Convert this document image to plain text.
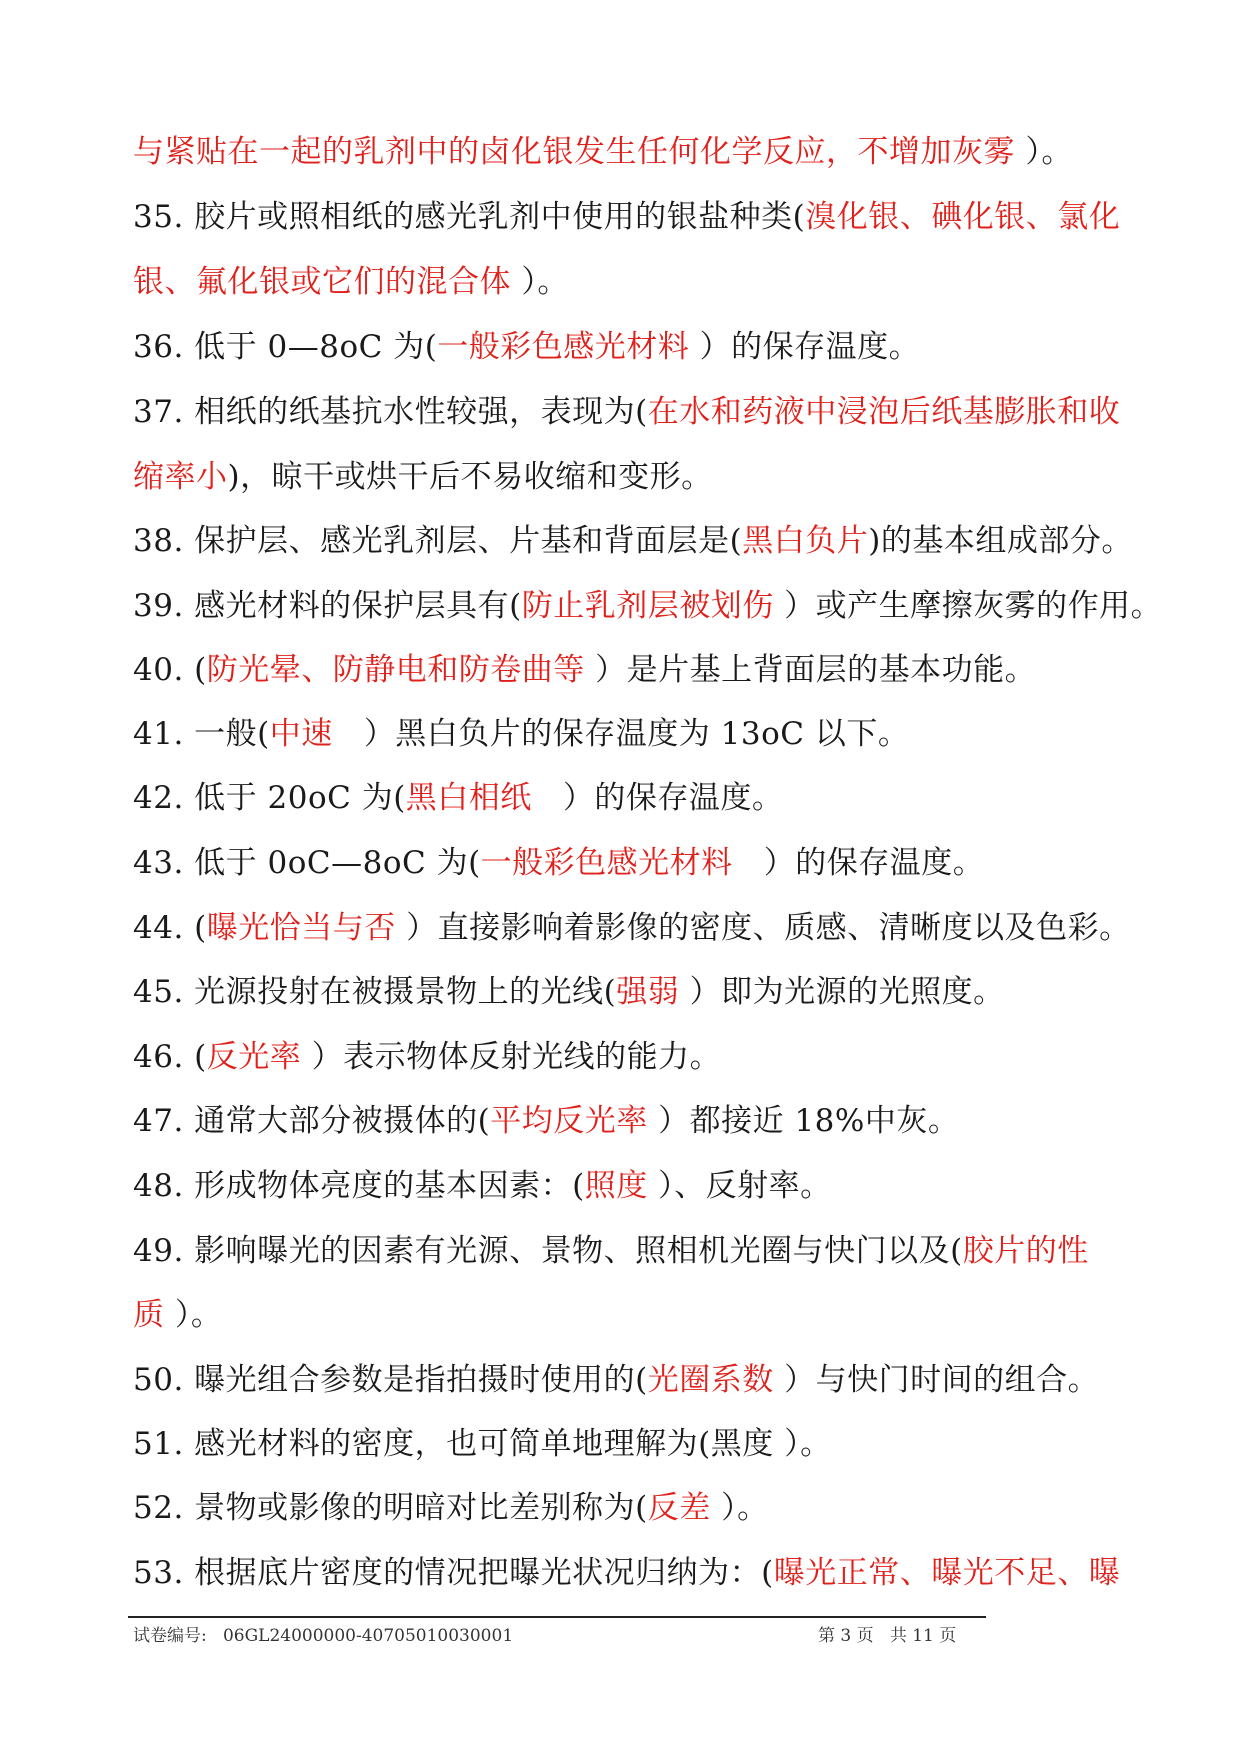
与紧贴在一起的乳剂中的卤化银发生任何化学反应，不增加灰雾 ）。
35. 胶片或照相纸的感光乳剂中使用的银盐种类(溴化银、碘化银、氯化
银、氟化银或它们的混合体 ）。
36. 低于 0—8oC 为(一般彩色感光材料 ）的保存温度。
37. 相纸的纸基抗水性较强，表现为(在水和药液中浸泡后纸基膨胀和收
缩率小)，晾干或烘干后不易收缩和变形。
38. 保护层、感光乳剂层、片基和背面层是(黑白负片)的基本组成部分。
39. 感光材料的保护层具有(防止乳剂层被划伤 ）或产生摩擦灰雾的作用。
40. (防光晕、防静电和防卷曲等 ）是片基上背面层的基本功能。
41. 一般(中速   ）黑白负片的保存温度为 13oC 以下。
42. 低于 20oC 为(黑白相纸   ）的保存温度。
43. 低于 0oC—8oC 为(一般彩色感光材料   ）的保存温度。
44. (曝光恰当与否 ）直接影响着影像的密度、质感、清晰度以及色彩。
45. 光源投射在被摄景物上的光线(强弱 ）即为光源的光照度。
46. (反光率 ）表示物体反射光线的能力。
47. 通常大部分被摄体的(平均反光率 ）都接近 18%中灰。
48. 形成物体亮度的基本因素：(照度 ）、反射率。
49. 影响曝光的因素有光源、景物、照相机光圈与快门以及(胶片的性
质 ）。
50. 曝光组合参数是指拍摄时使用的(光圈系数 ）与快门时间的组合。
51. 感光材料的密度，也可简单地理解为(黑度 ）。
52. 景物或影像的明暗对比差别称为(反差 ）。
53. 根据底片密度的情况把曝光状况归纳为：(曝光正常、曝光不足、曝
试卷编号:   06GL24000000-40705010030001	第 3 页   共 11 页
